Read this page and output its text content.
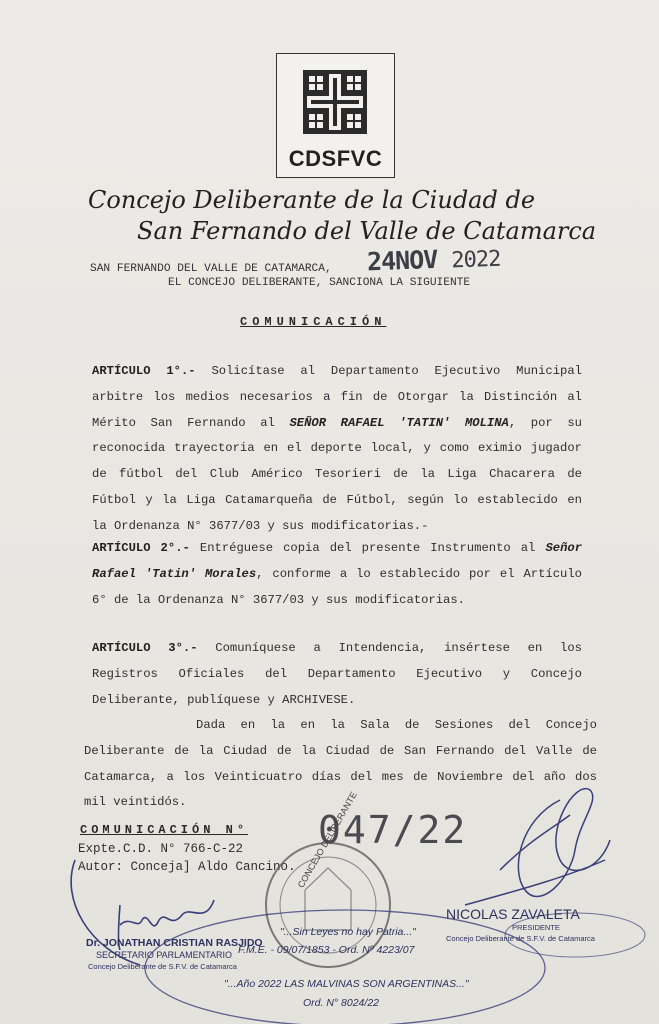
CDSFVC
Concejo Deliberante de la Ciudad de
San Fernando del Valle de Catamarca
SAN FERNANDO DEL VALLE DE CATAMARCA, 24NOV 2022
EL CONCEJO DELIBERANTE, SANCIONA LA SIGUIENTE
COMUNICACIÓN
ARTÍCULO 1°.- Solicítase al Departamento Ejecutivo Municipal arbitre los medios necesarios a fin de Otorgar la Distinción al Mérito San Fernando al SEÑOR RAFAEL 'TATIN' MOLINA, por su reconocida trayectoria en el deporte local, y como eximio jugador de fútbol del Club Américo Tesorieri de la Liga Chacarera de Fútbol y la Liga Catamarqueña de Fútbol, según lo establecido en la Ordenanza N° 3677/03 y sus modificatorias.-
ARTÍCULO 2°.- Entréguese copia del presente Instrumento al Señor Rafael 'Tatin' Morales, conforme a lo establecido por el Artículo 6° de la Ordenanza N° 3677/03 y sus modificatorias.
ARTÍCULO 3°.- Comuníquese a Intendencia, insértese en los Registros Oficiales del Departamento Ejecutivo y Concejo Deliberante, publíquese y ARCHIVESE.
Dada en la en la Sala de Sesiones del Concejo Deliberante de la Ciudad de la Ciudad de San Fernando del Valle de Catamarca, a los Veinticuatro días del mes de Noviembre del año dos mil veintidós.
COMUNICACIÓN N° 047/22
Expte.C.D. N° 766-C-22
Autor: Conceja] Aldo Cancino. CONCEJO DELIBERANTE
Dr. JONATHAN CRISTIAN RASJIDO
SECRETARIO PARLAMENTARIO
Concejo Deliberante de S.F.V. de Catamarca
NICOLAS ZAVALETA
PRESIDENTE
Concejo Deliberante de S.F.V. de Catamarca
"...Sin Leyes no hay Patria..."
F.M.E. - 09/07/1853 - Ord. Nº 4223/07
"...Año 2022 LAS MALVINAS SON ARGENTINAS..."
Ord. N° 8024/22
